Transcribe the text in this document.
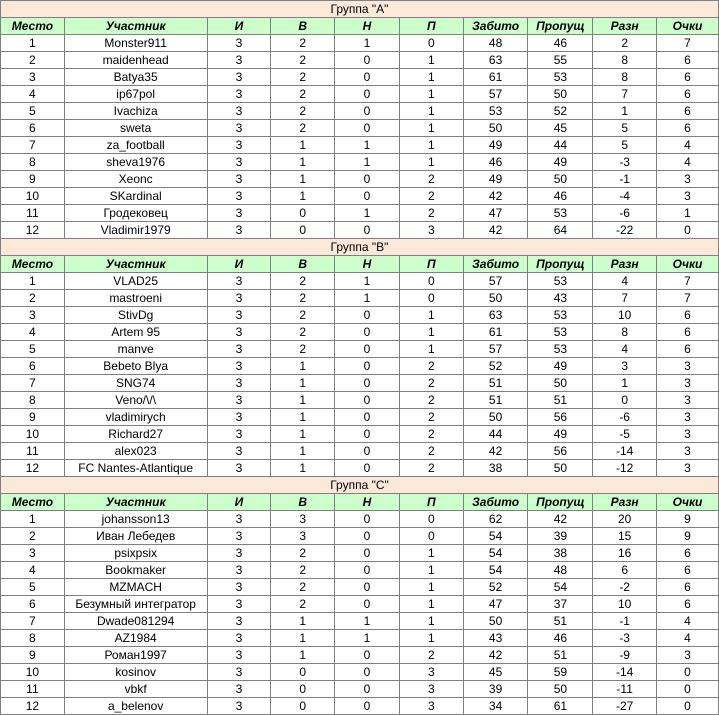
Группа "A"									
Место	Участник	И	В	Н	П	Забито	Пропущ	Разн	Очки
1	Monster911	3	2	1	0	48	46	2	7
2	maidenhead	3	2	0	1	63	55	8	6
3	Batya35	3	2	0	1	61	53	8	6
4	ip67pol	3	2	0	1	57	50	7	6
5	Ivachiza	3	2	0	1	53	52	1	6
6	sweta	3	2	0	1	50	45	5	6
7	za_football	3	1	1	1	49	44	5	4
8	sheva1976	3	1	1	1	46	49	-3	4
9	Xeonc	3	1	0	2	49	50	-1	3
10	SKardinal	3	1	0	2	42	46	-4	3
11	Гродековец	3	0	1	2	47	53	-6	1
12	Vladimir1979	3	0	0	3	42	64	-22	0
Группа "B"									
Место	Участник	И	В	Н	П	Забито	Пропущ	Разн	Очки
1	VLAD25	3	2	1	0	57	53	4	7
2	mastroeni	3	2	1	0	50	43	7	7
3	StivDg	3	2	0	1	63	53	10	6
4	Artem 95	3	2	0	1	61	53	8	6
5	manve	3	2	0	1	57	53	4	6
6	Bebeto Blya	3	1	0	2	52	49	3	3
7	SNG74	3	1	0	2	51	50	1	3
8	Veno/\/\	3	1	0	2	51	51	0	3
9	vladimirych	3	1	0	2	50	56	-6	3
10	Richard27	3	1	0	2	44	49	-5	3
11	alex023	3	1	0	2	42	56	-14	3
12	FC Nantes-Atlantique	3	1	0	2	38	50	-12	3
Группа "C"									
Место	Участник	И	В	Н	П	Забито	Пропущ	Разн	Очки
1	johansson13	3	3	0	0	62	42	20	9
2	Иван Лебедев	3	3	0	0	54	39	15	9
3	psixpsix	3	2	0	1	54	38	16	6
4	Bookmaker	3	2	0	1	54	48	6	6
5	MZMACH	3	2	0	1	52	54	-2	6
6	Безумный интегратор	3	2	0	1	47	37	10	6
7	Dwade081294	3	1	1	1	50	51	-1	4
8	AZ1984	3	1	1	1	43	46	-3	4
9	Роман1997	3	1	0	2	42	51	-9	3
10	kosinov	3	0	0	3	45	59	-14	0
11	vbkf	3	0	0	3	39	50	-11	0
12	a_belenov	3	0	0	3	34	61	-27	0
